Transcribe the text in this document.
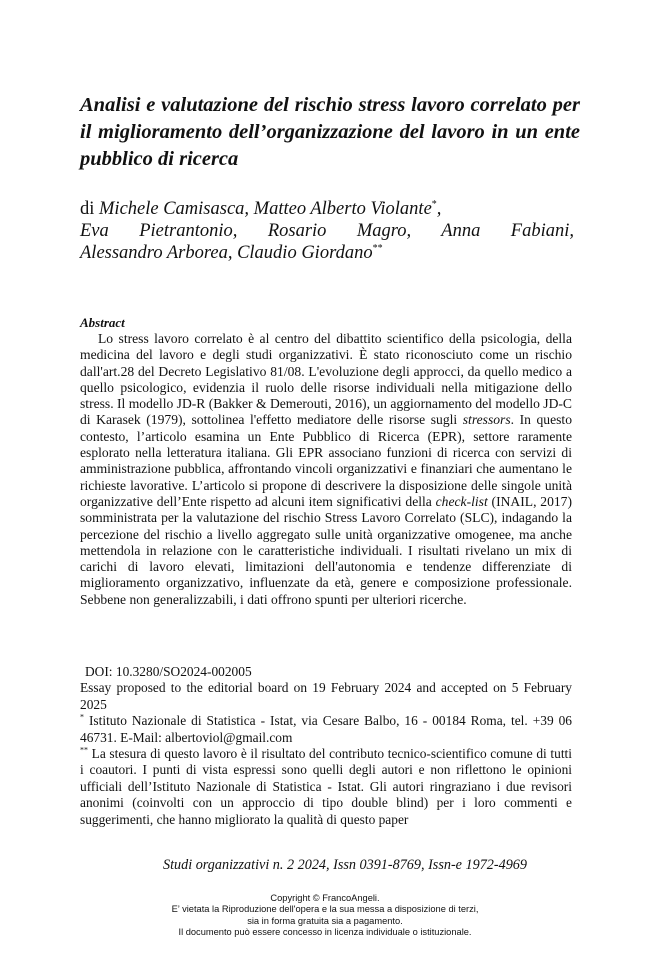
Analisi e valutazione del rischio stress lavoro correlato per il miglioramento dell’organizzazione del lavoro in un ente pubblico di ricerca
di Michele Camisasca, Matteo Alberto Violante*,
Eva Pietrantonio, Rosario Magro, Anna Fabiani,
Alessandro Arborea, Claudio Giordano**
Abstract

Lo stress lavoro correlato è al centro del dibattito scientifico della psicologia, della medicina del lavoro e degli studi organizzativi. È stato riconosciuto come un rischio dall'art.28 del Decreto Legislativo 81/08. L'evoluzione degli approcci, da quello medico a quello psicologico, evidenzia il ruolo delle risorse individuali nella mitigazione dello stress. Il modello JD-R (Bakker & Demerouti, 2016), un aggiornamento del modello JD-C di Karasek (1979), sottolinea l'effetto mediatore delle risorse sugli stressors. In questo contesto, l’articolo esamina un Ente Pubblico di Ricerca (EPR), settore raramente esplorato nella letteratura italiana. Gli EPR associano funzioni di ricerca con servizi di amministrazione pubblica, affrontando vincoli organizzativi e finanziari che aumentano le richieste lavorative. L’articolo si propone di descrivere la disposizione delle singole unità organizzative dell’Ente rispetto ad alcuni item significativi della check-list (INAIL, 2017) somministrata per la valutazione del rischio Stress Lavoro Correlato (SLC), indagando la percezione del rischio a livello aggregato sulle unità organizzative omogenee, ma anche mettendola in relazione con le caratteristiche individuali. I risultati rivelano un mix di carichi di lavoro elevati, limitazioni dell'autonomia e tendenze differenziate di miglioramento organizzativo, influenzate da età, genere e composizione professionale. Sebbene non generalizzabili, i dati offrono spunti per ulteriori ricerche.

DOI: 10.3280/SO2024-002005

Essay proposed to the editorial board on 19 February 2024 and accepted on 5 February 2025

* Istituto Nazionale di Statistica - Istat, via Cesare Balbo, 16 - 00184 Roma, tel. +39 06 46731. E-Mail: albertoviol@gmail.com

** La stesura di questo lavoro è il risultato del contributo tecnico-scientifico comune di tutti i coautori. I punti di vista espressi sono quelli degli autori e non riflettono le opinioni ufficiali dell’Istituto Nazionale di Statistica - Istat. Gli autori ringraziano i due revisori anonimi (coinvolti con un approccio di tipo double blind) per i loro commenti e suggerimenti, che hanno migliorato la qualità di questo paper

Studi organizzativi n. 2 2024, Issn 0391-8769, Issn-e 1972-4969

Copyright © FrancoAngeli.
E’ vietata la Riproduzione dell'opera e la sua messa a disposizione di terzi,
sia in forma gratuita sia a pagamento.
Il documento può essere concesso in licenza individuale o istituzionale.
